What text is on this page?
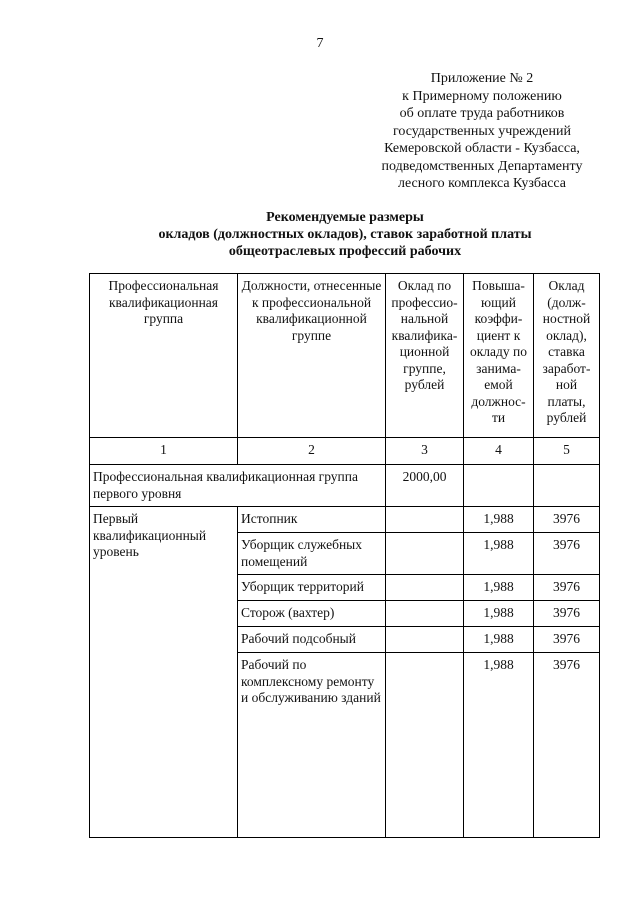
7
Приложение № 2
к Примерному положению
об оплате труда работников
государственных учреждений
Кемеровской области - Кузбасса,
подведомственных Департаменту
лесного комплекса Кузбасса
Рекомендуемые размеры
окладов (должностных окладов), ставок заработной платы
общеотраслевых профессий рабочих
Профессиональная квалификационная группа	Должности, отнесенные к профессиональной квалификационной группе	Оклад по профессио-нальной квалифика-ционной группе, рублей	Повыша-ющий коэффи-циент к окладу по занима-емой должнос-ти	Оклад (долж-ностной оклад), ставка заработ-ной платы, рублей
1	2	3	4	5
Профессиональная квалификационная группа первого уровня		2000,00		
Первый квалификационный уровень	Истопник		1,988	3976
	Уборщик служебных помещений		1,988	3976
	Уборщик территорий		1,988	3976
	Сторож (вахтер)		1,988	3976
	Рабочий подсобный		1,988	3976
	Рабочий по комплексному ремонту и обслуживанию зданий		1,988	3976
